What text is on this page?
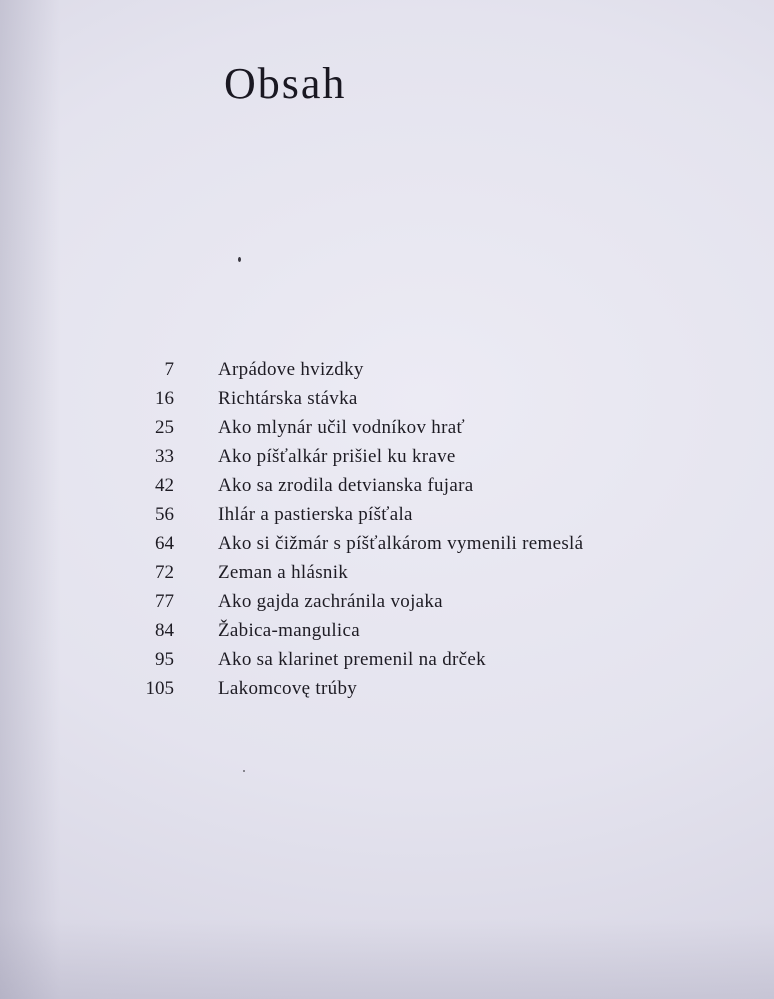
Obsah
7 Arpádove hvizdky
16 Richtárska stávka
25 Ako mlynár učil vodníkov hrať
33 Ako píšťalkár prišiel ku krave
42 Ako sa zrodila detvianska fujara
56 Ihlár a pastierska píšťala
64 Ako si čižmár s píšťalkárom vymenili remeslá
72 Zeman a hlásnik
77 Ako gajda zachránila vojaka
84 Žabica-mangulica
95 Ako sa klarinet premenil na drček
105 Lakomcovę trúby
